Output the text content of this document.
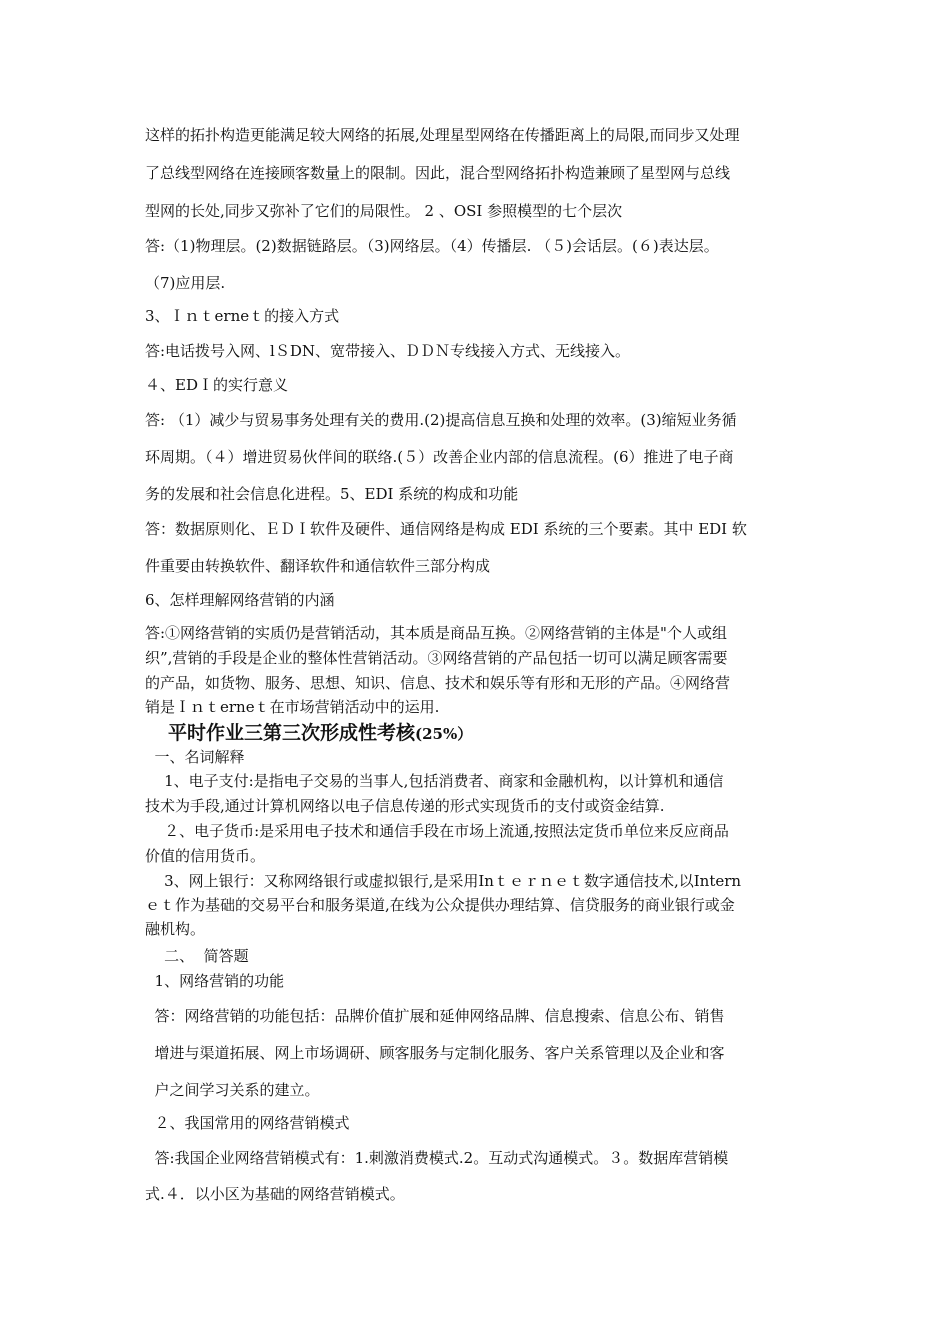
这样的拓扑构造更能满足较大网络的拓展,处理星型网络在传播距离上的局限,而同步又处理
了总线型网络在连接顾客数量上的限制。因此，混合型网络拓扑构造兼顾了星型网与总线
型网的长处,同步又弥补了它们的局限性。 2 、OSI 参照模型的七个层次
答:（1)物理层。(2)数据链路层。（3)网络层。（4）传播层. （５)会话层。(６)表达层。
（7)应用层.
3、Ｉｎｔerneｔ的接入方式
答:电话拨号入网、lＳDN、宽带接入、ＤＤＮ专线接入方式、无线接入。
４、EDＩ的实行意义
答: （1）减少与贸易事务处理有关的费用.(2)提高信息互换和处理的效率。(3)缩短业务循
环周期。（４）增进贸易伙伴间的联络.(５）改善企业内部的信息流程。(6）推进了电子商
务的发展和社会信息化进程。5、EDI 系统的构成和功能
答：数据原则化、ＥＤＩ软件及硬件、通信网络是构成 EDI 系统的三个要素。其中 EDI 软
件重要由转换软件、翻译软件和通信软件三部分构成
6、怎样理解网络营销的内涵
答:①网络营销的实质仍是营销活动，其本质是商品互换。②网络营销的主体是"个人或组
织”,营销的手段是企业的整体性营销活动。③网络营销的产品包括一切可以满足顾客需要
的产品，如货物、服务、思想、知识、信息、技术和娱乐等有形和无形的产品。④网络营
销是Ｉｎｔerneｔ在市场营销活动中的运用.
平时作业三第三次形成性考核(25%）
一、名词解释
1、电子支付:是指电子交易的当事人,包括消费者、商家和金融机构，以计算机和通信
技术为手段,通过计算机网络以电子信息传递的形式实现货币的支付或资金结算.
２、电子货币:是采用电子技术和通信手段在市场上流通,按照法定货币单位来反应商品
价值的信用货币。
3、网上银行：又称网络银行或虚拟银行,是采用Inｔｅｒｎｅｔ数字通信技术,以Intern
ｅｔ作为基础的交易平台和服务渠道,在线为公众提供办理结算、信贷服务的商业银行或金
融机构。
二、  简答题
1、网络营销的功能
答：网络营销的功能包括：品牌价值扩展和延伸网络品牌、信息搜索、信息公布、销售
增进与渠道拓展、网上市场调研、顾客服务与定制化服务、客户关系管理以及企业和客
户之间学习关系的建立。
２、我国常用的网络营销模式
答:我国企业网络营销模式有：1.刺激消费模式.2。互动式沟通模式。３。数据库营销模
式.４．以小区为基础的网络营销模式。
